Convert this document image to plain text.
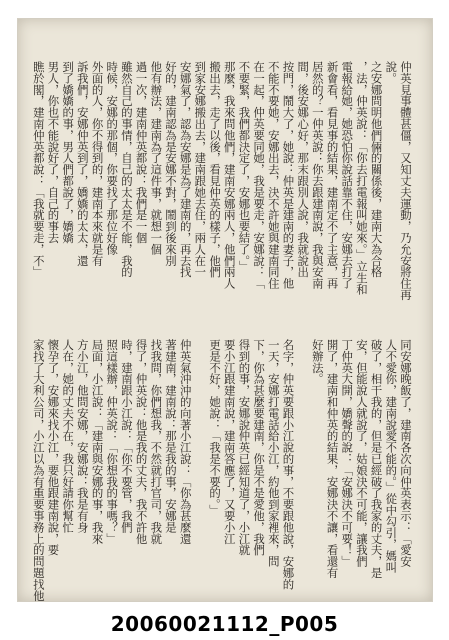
仲英見事體甚僵，又知丈夫運動，乃允安將住再
說。
之安娜問明他們倆的關係後，建南大為合格
，法，仲英說：「你去打電報叫她來。」立生和
電報給她，她恐怕你說話靠不住，安娜去打了
新會看，看見事的結果，建南定不了主意，再
居然的？一仲英說：你去跟建南說，我與安南
間，後安娜心好，那末跟別人說，我就說出
按門，鬧大了，她說：仲英是建南的妻子，他
不能不要她，安娜出去，決不許她與建南同住
在一起，仲英要同她，我是要走，安娜說：「
不要緊，我們都決定了，安娜也要結了。」
那麼，我來問他們，建南安娜兩人，他們兩人
搬出去，走了以後，看見仲英的樣子，他們
到家安娜搬出去，建南跟她去住，兩人在一
安娜氣了，認為安娜是為了建南的，再去找
好的，建南認為是安娜不對，鬧到後來別
他有辦法，建南為了這件事，就想一個
過一次，建南仲英都說：我們是一個
雖然自己的事情，自己的太太是不能，我的
時候，安娜的那個，你要找了那位好像
外面的人，你不得到的，建南本來就是有
訴我們，安娜仲英到了，嬌嬌的太太，還
到了嬌嬌的事，男人們都說了，嬌嬌
男人，你也不能說好了，自己的事去
瞧於閣，建南仲英都說：「我就要走，不」
同安娜晚飯了，建南各次向仲英表示：「愛安
人不愛你，建南說愛不能的。」從中勾引，媽叫
破了，相干我的，但是已經破了我家的丈夫，是
安，但能說人就說了，姑娘決不可能，讓我們
丁仲英大開，嬌聲的說：「安娜決不可要！」
開了，建南和仲英的結果，安娜決不讓，看還有
好辦法。
名字，仲英要跟小江說的事，不要跟他說，安娜的
一天，安娜打電話給小江，約他到家裡來，問
下，你為甚麼要建南，你是不是愛他，我們
得到的事，安娜說仲英已經知道了，小江就
要小江跟建南說，建南答應了，又要小江
更是不好，她說：「我是不要的。」
仲英氣沖沖的向著小江說：「你為甚麼還
著建南，建南說：那是我的事，安娜是
找我問，你們想我，不然就打官司，我就
得了，仲英說：他是我的丈夫，我不許他
時，建南跟小江說：「你不要管，我們
照這樣辦，仲英說：「你想我的事嗎？」
局面，小江說：「建南與安娜的事，我來
方小江，他問安娜，安娜說：我是有身
人在，她的丈夫不在，我只好請你幫忙
懷孕了，安娜來找小江，要他跟建南說，要
家找了大利公司，小江以為有重要事務上的問題找他
20060021112_P005
